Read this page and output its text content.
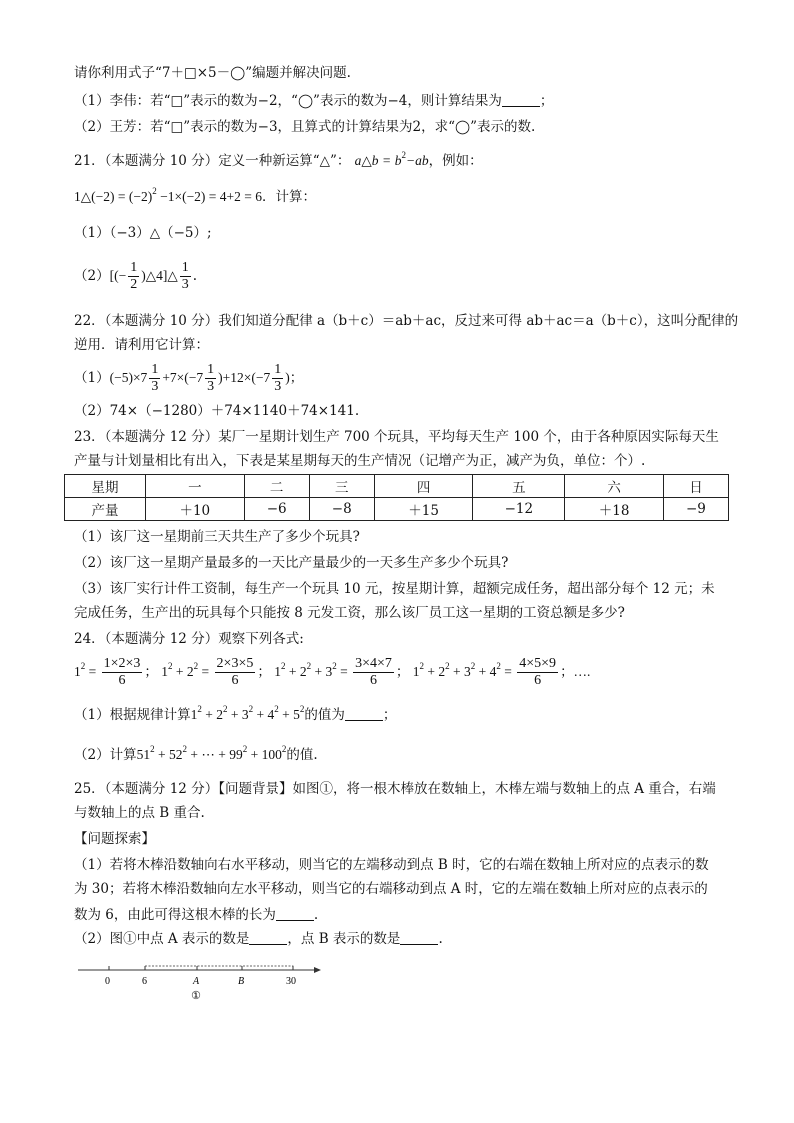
请你利用式子“7＋□×5－◯”编题并解决问题.
（1）李伟：若“□”表示的数为−2，“◯”表示的数为−4，则计算结果为	；
（2）王芳：若“□”表示的数为−3，且算式的计算结果为2，求“◯”表示的数.
21．（本题满分 10 分）定义一种新运算“△”： a△b = $b^2-ab$，例如：
1△(−2) = $(-2)^2 -1\times(-2) = 4+2 = 6$．计算：
（1）（−3）△（−5）;
$(2)[(- \frac{1}{2}$ )△4]△ $\frac{1}{3}$ .
22．（本题满分 10 分）我们知道分配律 a（b＋c）＝ab＋ac，反过来可得 ab＋ac＝a（b＋c），这叫分配律的
逆用．请利用它计算：
$(1)(-5)\times 7 \frac{1}{3} +7\times(-7 \frac{1}{3} )+12\times(-7 \frac{1}{3}$ )；
（2）74×（−1280）＋74×1140＋74×141.
23．（本题满分 12 分）某厂一星期计划生产 700 个玩具，平均每天生产 100 个，由于各种原因实际每天生
产量与计划量相比有出入，下表是某星期每天的生产情况（记增产为正，减产为负，单位：个）.
星期	一	二	三	四	五	六	日
产量	＋10	−6	−8	＋15	−12	＋18	−9
（1）该厂这一星期前三天共生产了多少个玩具?
（2）该厂这一星期产量最多的一天比产量最少的一天多生产多少个玩具?
（3）该厂实行计件工资制，每生产一个玩具 10 元，按星期计算，超额完成任务，超出部分每个 12 元；未
完成任务，生产出的玩具每个只能按 8 元发工资，那么该厂员工这一星期的工资总额是多少?
24．（本题满分 12 分）观察下列各式:
$1^2 = \frac{1\times 2\times 3}{6}$ ； $1^2 + 2^2 = \frac{2\times 3\times 5}{6}$ ； $1^2 + 2^2 + 3^2 = \frac{3\times 4\times 7}{6}$ ； $1^2 + 2^2 + 3^2 + 4^2 = \frac{4\times 5\times 9}{6}$ ；….
（1）根据规律计算$1^2 + 2^2 + 3^2 + 4^2 + 5^2$的值为	；
（2）计算$51^2 + 52^2$ + ⋯ + $99^2 + 100^2$的值.
25．（本题满分 12 分）【问题背景】如图①，将一根木棒放在数轴上，木棒左端与数轴上的点 A 重合，右端
与数轴上的点 B 重合.
【问题探索】
（1）若将木棒沿数轴向右水平移动，则当它的左端移动到点 B 时，它的右端在数轴上所对应的点表示的数
为 30；若将木棒沿数轴向左水平移动，则当它的右端移动到点 A 时，它的左端在数轴上所对应的点表示的
数为 6，由此可得这根木棒的长为	.
（2）图①中点 A 表示的数是	，点 B 表示的数是	.
0	6	A	B	30
①
